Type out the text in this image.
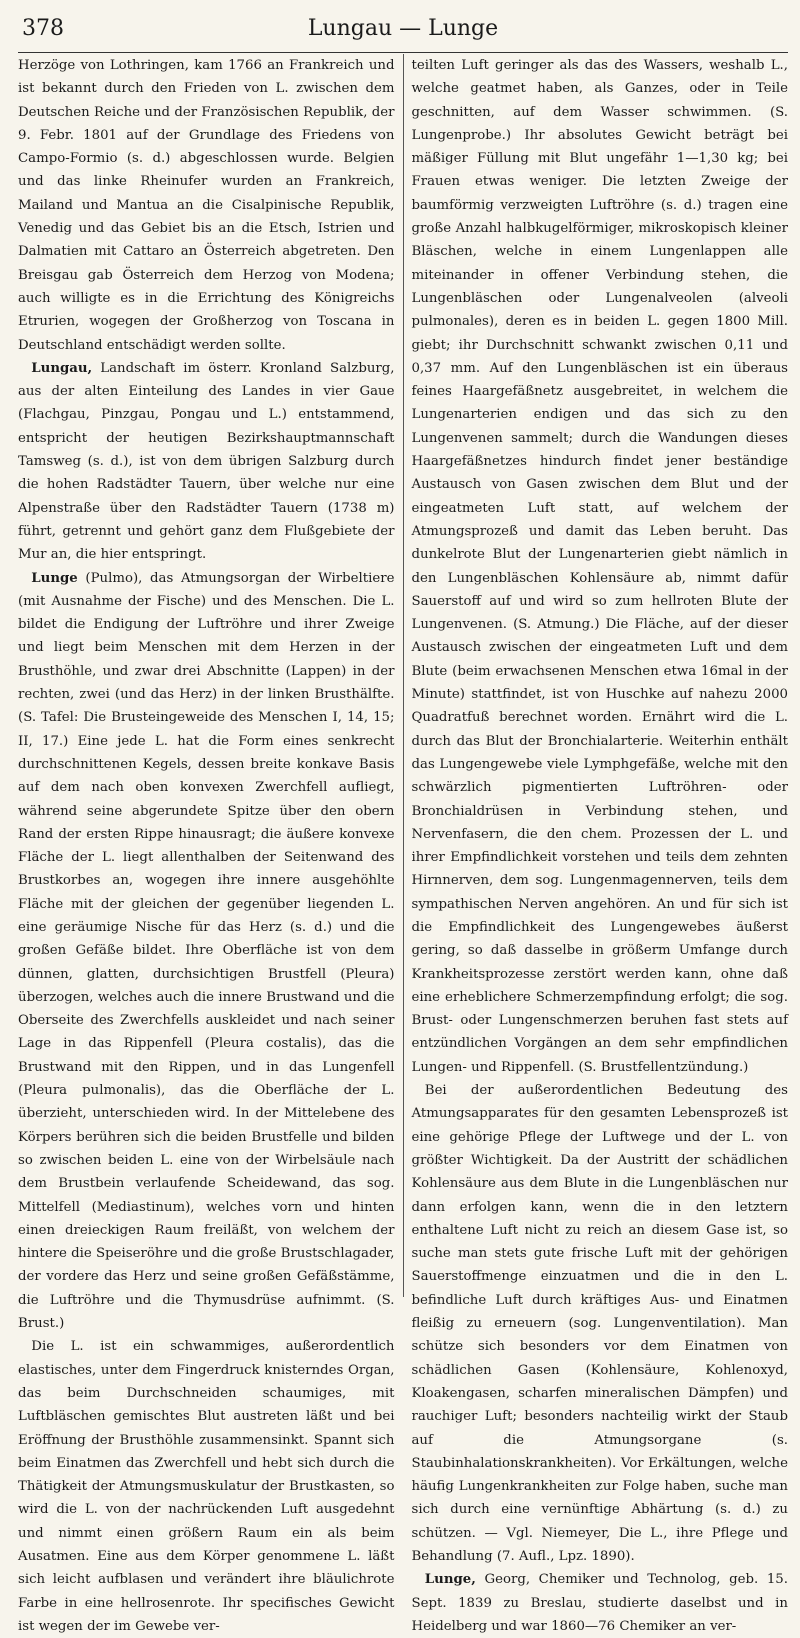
378	Lungau — Lunge

Herzöge von Lothringen, kam 1766 an Frankreich und ist bekannt durch den Frieden von L. zwischen dem Deutschen Reiche und der Französischen Republik, der 9. Febr. 1801 auf der Grundlage des Friedens von Campo-Formio (s. d.) abgeschlossen wurde. Belgien und das linke Rheinufer wurden an Frankreich, Mailand und Mantua an die Cisalpinische Republik, Venedig und das Gebiet bis an die Etsch, Istrien und Dalmatien mit Cattaro an Österreich abgetreten. Den Breisgau gab Österreich dem Herzog von Modena; auch willigte es in die Errichtung des Königreichs Etrurien, wogegen der Großherzog von Toscana in Deutschland entschädigt werden sollte.

Lungau, Landschaft im österr. Kronland Salzburg, aus der alten Einteilung des Landes in vier Gaue (Flachgau, Pinzgau, Pongau und L.) entstammend, entspricht der heutigen Bezirkshauptmannschaft Tamsweg (s. d.), ist von dem übrigen Salzburg durch die hohen Radstädter Tauern, über welche nur eine Alpenstraße über den Radstädter Tauern (1738 m) führt, getrennt und gehört ganz dem Flußgebiete der Mur an, die hier entspringt.

Lunge (Pulmo), das Atmungsorgan der Wirbeltiere (mit Ausnahme der Fische) und des Menschen. Die L. bildet die Endigung der Luftröhre und ihrer Zweige und liegt beim Menschen mit dem Herzen in der Brusthöhle, und zwar drei Abschnitte (Lappen) in der rechten, zwei (und das Herz) in der linken Brusthälfte. (S. Tafel: Die Brusteingeweide des Menschen I, 14, 15; II, 17.) Eine jede L. hat die Form eines senkrecht durchschnittenen Kegels, dessen breite konkave Basis auf dem nach oben konvexen Zwerchfell aufliegt, während seine abgerundete Spitze über den obern Rand der ersten Rippe hinausragt; die äußere konvexe Fläche der L. liegt allenthalben der Seitenwand des Brustkorbes an, wogegen ihre innere ausgehöhlte Fläche mit der gleichen der gegenüber liegenden L. eine geräumige Nische für das Herz (s. d.) und die großen Gefäße bildet. Ihre Oberfläche ist von dem dünnen, glatten, durchsichtigen Brustfell (Pleura) überzogen, welches auch die innere Brustwand und die Oberseite des Zwerchfells auskleidet und nach seiner Lage in das Rippenfell (Pleura costalis), das die Brustwand mit den Rippen, und in das Lungenfell (Pleura pulmonalis), das die Oberfläche der L. überzieht, unterschieden wird. In der Mittelebene des Körpers berühren sich die beiden Brustfelle und bilden so zwischen beiden L. eine von der Wirbelsäule nach dem Brustbein verlaufende Scheidewand, das sog. Mittelfell (Mediastinum), welches vorn und hinten einen dreieckigen Raum freiläßt, von welchem der hintere die Speiseröhre und die große Brustschlagader, der vordere das Herz und seine großen Gefäßstämme, die Luftröhre und die Thymusdrüse aufnimmt. (S. Brust.)

Die L. ist ein schwammiges, außerordentlich elastisches, unter dem Fingerdruck knisterndes Organ, das beim Durchschneiden schaumiges, mit Luftbläschen gemischtes Blut austreten läßt und bei Eröffnung der Brusthöhle zusammensinkt. Spannt sich beim Einatmen das Zwerchfell und hebt sich durch die Thätigkeit der Atmungsmuskulatur der Brustkasten, so wird die L. von der nachrückenden Luft ausgedehnt und nimmt einen größern Raum ein als beim Ausatmen. Eine aus dem Körper genommene L. läßt sich leicht aufblasen und verändert ihre bläulichrote Farbe in eine hellrosenrote. Ihr specifisches Gewicht ist wegen der im Gewebe ver-

teilten Luft geringer als das des Wassers, weshalb L., welche geatmet haben, als Ganzes, oder in Teile geschnitten, auf dem Wasser schwimmen. (S. Lungenprobe.) Ihr absolutes Gewicht beträgt bei mäßiger Füllung mit Blut ungefähr 1—1,30 kg; bei Frauen etwas weniger. Die letzten Zweige der baumförmig verzweigten Luftröhre (s. d.) tragen eine große Anzahl halbkugelförmiger, mikroskopisch kleiner Bläschen, welche in einem Lungenlappen alle miteinander in offener Verbindung stehen, die Lungenbläschen oder Lungenalveolen (alveoli pulmonales), deren es in beiden L. gegen 1800 Mill. giebt; ihr Durchschnitt schwankt zwischen 0,11 und 0,37 mm. Auf den Lungenbläschen ist ein überaus feines Haargefäßnetz ausgebreitet, in welchem die Lungenarterien endigen und das sich zu den Lungenvenen sammelt; durch die Wandungen dieses Haargefäßnetzes hindurch findet jener beständige Austausch von Gasen zwischen dem Blut und der eingeatmeten Luft statt, auf welchem der Atmungsprozeß und damit das Leben beruht. Das dunkelrote Blut der Lungenarterien giebt nämlich in den Lungenbläschen Kohlensäure ab, nimmt dafür Sauerstoff auf und wird so zum hellroten Blute der Lungenvenen. (S. Atmung.) Die Fläche, auf der dieser Austausch zwischen der eingeatmeten Luft und dem Blute (beim erwachsenen Menschen etwa 16mal in der Minute) stattfindet, ist von Huschke auf nahezu 2000 Quadratfuß berechnet worden. Ernährt wird die L. durch das Blut der Bronchialarterie. Weiterhin enthält das Lungengewebe viele Lymphgefäße, welche mit den schwärzlich pigmentierten Luftröhren- oder Bronchialdrüsen in Verbindung stehen, und Nervenfasern, die den chem. Prozessen der L. und ihrer Empfindlichkeit vorstehen und teils dem zehnten Hirnnerven, dem sog. Lungenmagennerven, teils dem sympathischen Nerven angehören. An und für sich ist die Empfindlichkeit des Lungengewebes äußerst gering, so daß dasselbe in größerm Umfange durch Krankheitsprozesse zerstört werden kann, ohne daß eine erheblichere Schmerzempfindung erfolgt; die sog. Brust- oder Lungenschmerzen beruhen fast stets auf entzündlichen Vorgängen an dem sehr empfindlichen Lungen- und Rippenfell. (S. Brustfellentzündung.)

Bei der außerordentlichen Bedeutung des Atmungsapparates für den gesamten Lebensprozeß ist eine gehörige Pflege der Luftwege und der L. von größter Wichtigkeit. Da der Austritt der schädlichen Kohlensäure aus dem Blute in die Lungenbläschen nur dann erfolgen kann, wenn die in den letztern enthaltene Luft nicht zu reich an diesem Gase ist, so suche man stets gute frische Luft mit der gehörigen Sauerstoffmenge einzuatmen und die in den L. befindliche Luft durch kräftiges Aus- und Einatmen fleißig zu erneuern (sog. Lungenventilation). Man schütze sich besonders vor dem Einatmen von schädlichen Gasen (Kohlensäure, Kohlenoxyd, Kloakengasen, scharfen mineralischen Dämpfen) und rauchiger Luft; besonders nachteilig wirkt der Staub auf die Atmungsorgane (s. Staubinhalationskrankheiten). Vor Erkältungen, welche häufig Lungenkrankheiten zur Folge haben, suche man sich durch eine vernünftige Abhärtung (s. d.) zu schützen. — Vgl. Niemeyer, Die L., ihre Pflege und Behandlung (7. Aufl., Lpz. 1890).

Lunge, Georg, Chemiker und Technolog, geb. 15. Sept. 1839 zu Breslau, studierte daselbst und in Heidelberg und war 1860—76 Chemiker an ver-
